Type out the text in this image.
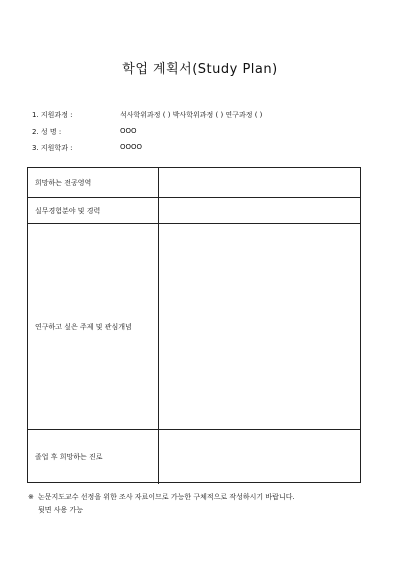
학업 계획서(Study Plan)
1. 지원과정 :	석사학위과정 ( ) 박사학위과정 ( ) 연구과정 ( )
2. 성 명 :	OOO
3. 지원학과 :	OOOO
희망하는 전공영역
실무경험분야 및 경력
연구하고 싶은 주제 및 관심개념
졸업 후 희망하는 진로
※ 논문지도교수 선정을 위한 조사 자료이므로 가능한 구체적으로 작성하시기 바랍니다.
뒷면 사용 가능
